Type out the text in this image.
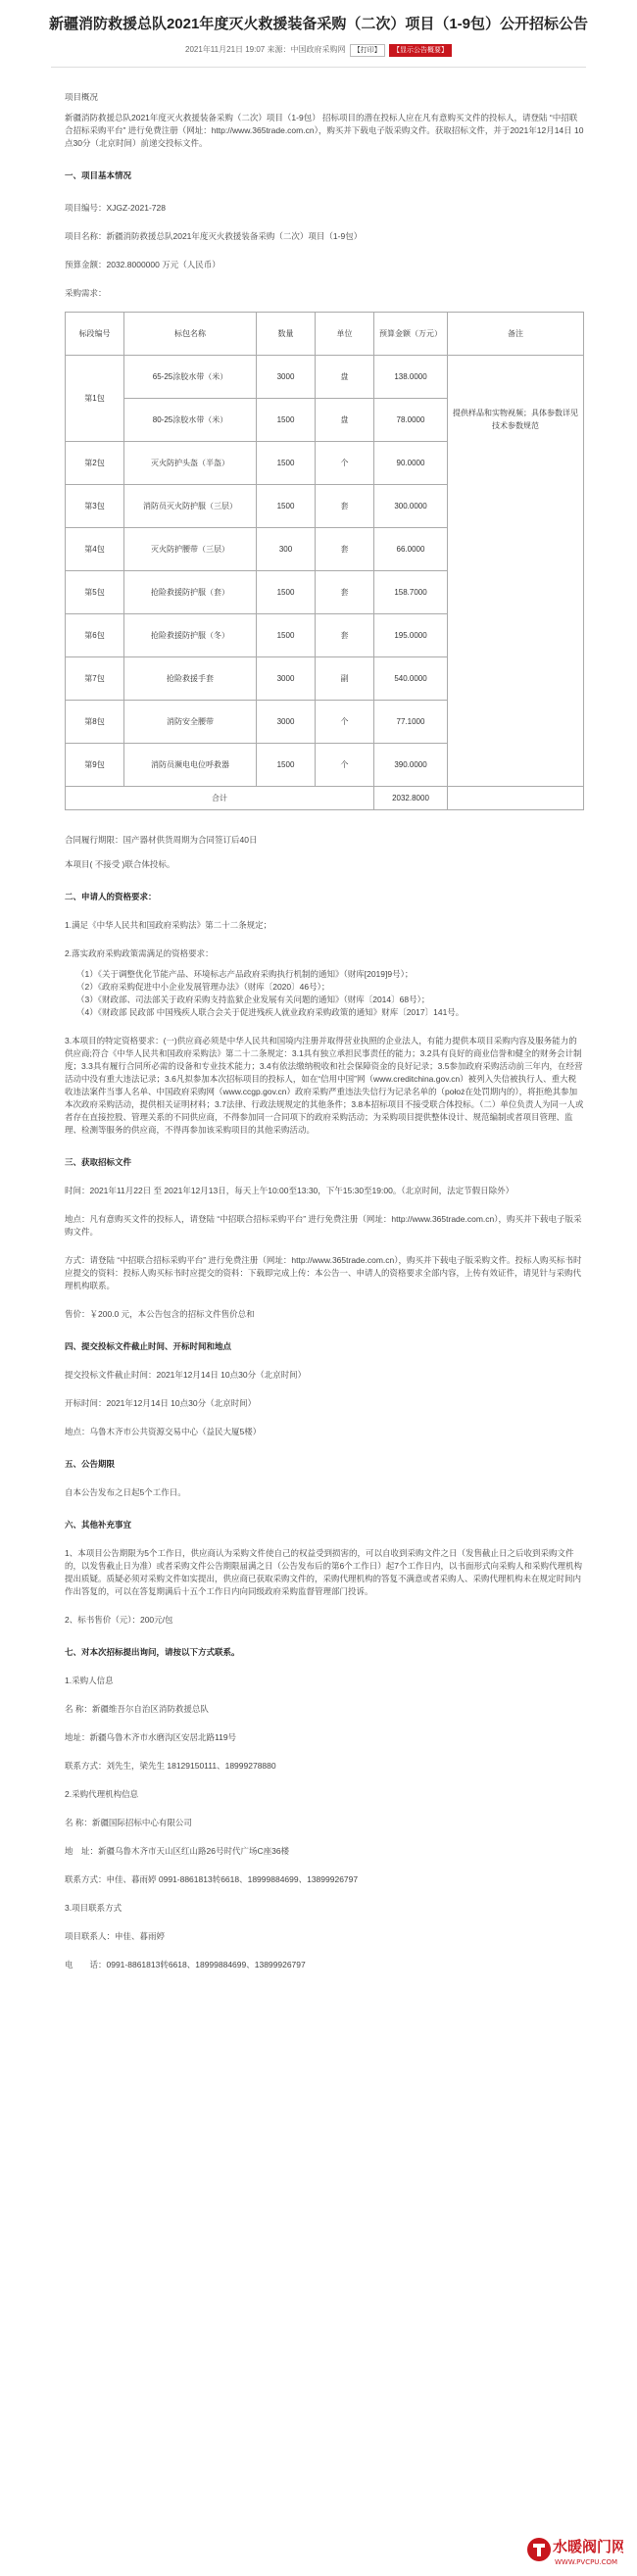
新疆消防救援总队2021年度灭火救援装备采购（二次）项目（1-9包）公开招标公告
2021年11月21日 19:07 来源：中国政府采购网 【打印】 【显示公告概要】

项目概况

新疆消防救援总队2021年度灭火救援装备采购（二次）项目（1-9包） 招标项目的潜在投标人应在凡有意购买文件的投标人，请登陆 “中招联合招标采购平台” 进行免费注册（网址：http://www.365trade.com.cn），购买并下载电子版采购文件。获取招标文件，并于2021年12月14日 10点30分（北京时间）前递交投标文件。

一、项目基本情况

项目编号：XJGZ-2021-728

项目名称：新疆消防救援总队2021年度灭火救援装备采购（二次）项目（1-9包）

预算金额：2032.8000000 万元（人民币）

采购需求：

标段编号	标包名称	数量	单位	预算金额（万元）	备注
第1包	65-25涂胶水带（米）	3000	盘	138.0000	提供样品和实物视频；具体参数详见技术参数规范
	80-25涂胶水带（米）	1500	盘	78.0000	
第2包	灭火防护头盔（半盔）	1500	个	90.0000	
第3包	消防员灭火防护服（三层）	1500	套	300.0000	
第4包	灭火防护腰带（三层）	300	套	66.0000	
第5包	抢险救援防护服（套）	1500	套	158.7000	
第6包	抢险救援防护服（冬）	1500	套	195.0000	
第7包	抢险救援手套	3000	副	540.0000	
第8包	消防安全腰带	3000	个	77.1000	
第9包	消防员濒电电位呼救器	1500	个	390.0000	
合计				2032.8000	

合同履行期限：国产器材供货周期为合同签订后40日

本项目( 不接受 )联合体投标。

二、申请人的资格要求：

1.满足《中华人民共和国政府采购法》第二十二条规定；

2.落实政府采购政策需满足的资格要求：

（1）《关于调整优化节能产品、环境标志产品政府采购执行机制的通知》（财库[2019]9号）；

（2）《政府采购促进中小企业发展管理办法》（财库〔2020〕46号）；

（3）《财政部、司法部关于政府采购支持监狱企业发展有关问题的通知》（财库〔2014〕68号）；

（4）《财政部 民政部 中国残疾人联合会关于促进残疾人就业政府采购政策的通知》财库〔2017〕141号。

3.本项目的特定资格要求：(一)供应商必须是中华人民共和国境内注册并取得营业执照的企业法人，有能力提供本项目采购内容及服务能力的供应商;符合《中华人民共和国政府采购法》第二十二条规定：3.1具有独立承担民事责任的能力；3.2具有良好的商业信誉和健全的财务会计制度；3.3具有履行合同所必需的设备和专业技术能力；3.4有依法缴纳税收和社会保障资金的良好记录；3.5参加政府采购活动前三年内，在经营活动中没有重大违法记录；3.6凡拟参加本次招标项目的投标人，如在“信用中国”网（www.creditchina.gov.cn）被列入失信被执行人、重大税收违法案件当事人名单、中国政府采购网（www.ccgp.gov.cn）政府采购严重违法失信行为记录名单的（położ在处罚期内的），将拒绝其参加本次政府采购活动，提供相关证明材料；3.7法律、行政法规规定的其他条件；3.8本招标项目不接受联合体投标。（二）单位负责人为同一人或者存在直接控股、管理关系的不同供应商，不得参加同一合同项下的政府采购活动；为采购项目提供整体设计、规范编制或者项目管理、监理、检测等服务的供应商，不得再参加该采购项目的其他采购活动。

三、获取招标文件

时间：2021年11月22日 至 2021年12月13日，每天上午10:00至13:30，下午15:30至19:00。（北京时间，法定节假日除外）

地点：凡有意购买文件的投标人，请登陆 “中招联合招标采购平台” 进行免费注册（网址：http://www.365trade.com.cn），购买并下载电子版采购文件。

方式：请登陆 “中招联合招标采购平台” 进行免费注册（网址：http://www.365trade.com.cn），购买并下载电子版采购文件。投标人购买标书时应提交的资料：投标人购买标书时应提交的资料：下载即完成上传：本公告一、申请人的资格要求全部内容，上传有效证件，请见针与采购代理机构联系。

售价：￥200.0 元，本公告包含的招标文件售价总和

四、提交投标文件截止时间、开标时间和地点

提交投标文件截止时间：2021年12月14日 10点30分（北京时间）

开标时间：2021年12月14日 10点30分（北京时间）

地点：乌鲁木齐市公共资源交易中心（益民大厦5楼）

五、公告期限

自本公告发布之日起5个工作日。

六、其他补充事宜

1、本项目公告期限为5个工作日，供应商认为采购文件使自己的权益受到损害的，可以自收到采购文件之日（发售截止日之后收到采购文件的，以发售截止日为准）或者采购文件公告期限届满之日（公告发布后的第6个工作日）起7个工作日内，以书面形式向采购人和采购代理机构提出质疑。质疑必须对采购文件如实提出，供应商已获取采购文件的，采购代理机构的答复不满意或者采购人、采购代理机构未在规定时间内作出答复的，可以在答复期满后十五个工作日内向同级政府采购监督管理部门投诉。

2、标书售价（元）：200元/包

七、对本次招标提出询问，请按以下方式联系。

1.采购人信息

名 称：新疆维吾尔自治区消防救援总队

地址：新疆乌鲁木齐市水磨沟区安居北路119号

联系方式：刘先生，梁先生 18129150111、18999278880

2.采购代理机构信息

名 称：新疆国际招标中心有限公司

地　址：新疆乌鲁木齐市天山区红山路26号时代广场C座36楼

联系方式：申佳、暮雨婷 0991-8861813转6618、18999884699、13899926797

3.项目联系方式

项目联系人：申佳、暮雨婷

电　　话：0991-8861813转6618、18999884699、13899926797

水暖阀门网
WWW.PVCPU.COM
